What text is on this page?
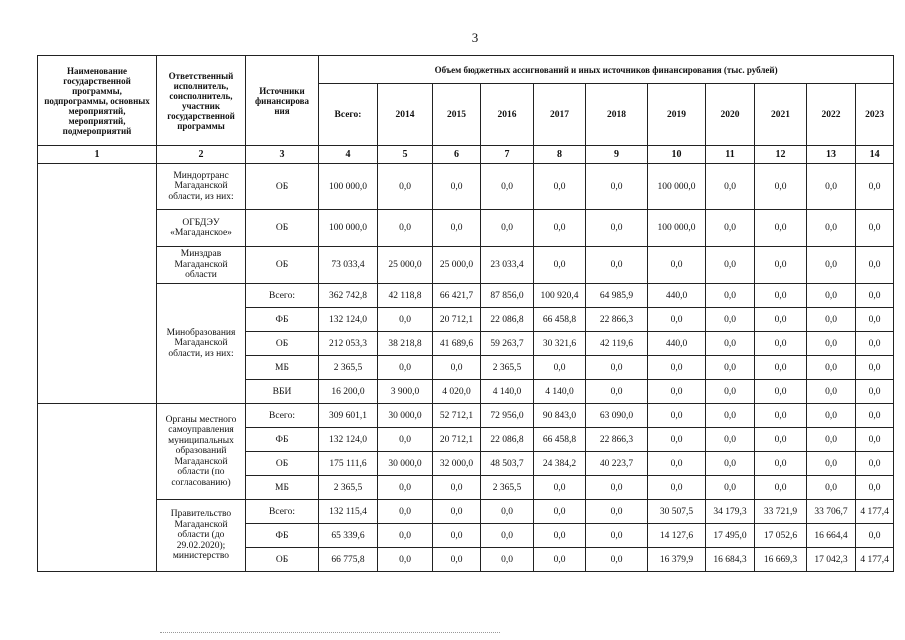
3
Наименование государственной программы, подпрограммы, основных мероприятий, мероприятий, подмероприятий	Ответственный исполнитель, соисполнитель, участник государственной программы	Источники финансирова ния	Объем бюджетных ассигнований и иных источников финансирования (тыс. рублей)										
			Всего:	2014	2015	2016	2017	2018	2019	2020	2021	2022	2023
1	2	3	4	5	6	7	8	9	10	11	12	13	14
	Миндортранс Магаданской области, из них:	ОБ	100 000,0	0,0	0,0	0,0	0,0	0,0	100 000,0	0,0	0,0	0,0	0,0
	ОГБДЭУ «Магаданское»	ОБ	100 000,0	0,0	0,0	0,0	0,0	0,0	100 000,0	0,0	0,0	0,0	0,0
	Минздрав Магаданской области	ОБ	73 033,4	25 000,0	25 000,0	23 033,4	0,0	0,0	0,0	0,0	0,0	0,0	0,0
	Минобразования Магаданской области, из них:	Всего:	362 742,8	42 118,8	66 421,7	87 856,0	100 920,4	64 985,9	440,0	0,0	0,0	0,0	0,0
		ФБ	132 124,0	0,0	20 712,1	22 086,8	66 458,8	22 866,3	0,0	0,0	0,0	0,0	0,0
		ОБ	212 053,3	38 218,8	41 689,6	59 263,7	30 321,6	42 119,6	440,0	0,0	0,0	0,0	0,0
		МБ	2 365,5	0,0	0,0	2 365,5	0,0	0,0	0,0	0,0	0,0	0,0	0,0
		ВБИ	16 200,0	3 900,0	4 020,0	4 140,0	4 140,0	0,0	0,0	0,0	0,0	0,0	0,0
	Органы местного самоуправления муниципальных образований Магаданской области (по согласованию)	Всего:	309 601,1	30 000,0	52 712,1	72 956,0	90 843,0	63 090,0	0,0	0,0	0,0	0,0	0,0
		ФБ	132 124,0	0,0	20 712,1	22 086,8	66 458,8	22 866,3	0,0	0,0	0,0	0,0	0,0
		ОБ	175 111,6	30 000,0	32 000,0	48 503,7	24 384,2	40 223,7	0,0	0,0	0,0	0,0	0,0
		МБ	2 365,5	0,0	0,0	2 365,5	0,0	0,0	0,0	0,0	0,0	0,0	0,0
	Правительство Магаданской области (до 29.02.2020); министерство	Всего:	132 115,4	0,0	0,0	0,0	0,0	0,0	30 507,5	34 179,3	33 721,9	33 706,7	4 177,4
		ФБ	65 339,6	0,0	0,0	0,0	0,0	0,0	14 127,6	17 495,0	17 052,6	16 664,4	0,0
		ОБ	66 775,8	0,0	0,0	0,0	0,0	0,0	16 379,9	16 684,3	16 669,3	17 042,3	4 177,4
